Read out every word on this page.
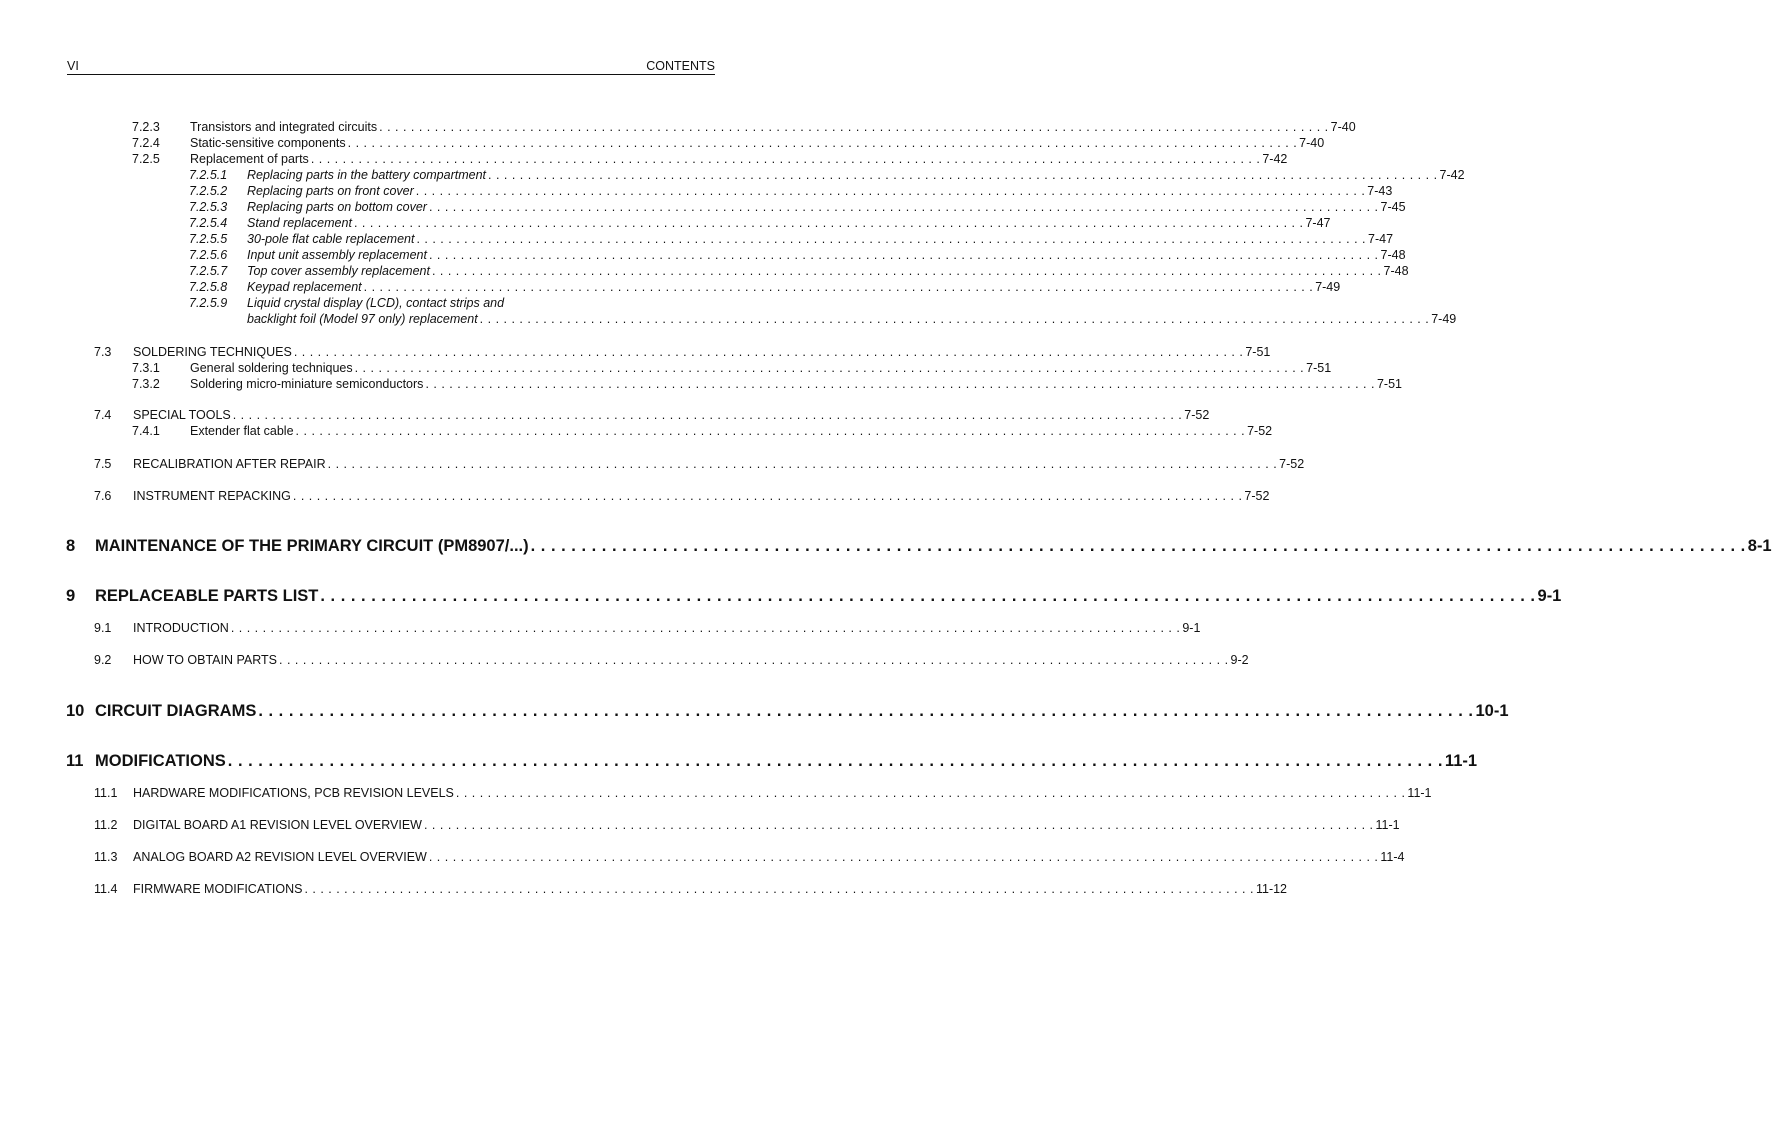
VI	CONTENTS
7.2.3	Transistors and integrated circuits . . . . . . . . . . . . . . . . . . . . . . . . . . . . . . . . . . . . . . . . . . . . . . . . . . . . . . . . . . . . . . . . . . . . . . . . . . . . . . . . . . . . . . . . . . . . . . . . . . . . . . . . . . . . . . . . . . . . . . . . 7-40
7.2.4	Static-sensitive components . . . . . . . . . . . . . . . . . . . . . . . . . . . . . . . . . . . . . . . . . . . . . . . . . . . . . . . . . . . . . . . . . . . . . . . . . . . . . . . . . . . . . . . . . . . . . . . . . . . . . . . . . . . . . . . . . . . . . . . . 7-40
7.2.5	Replacement of parts . . . . . . . . . . . . . . . . . . . . . . . . . . . . . . . . . . . . . . . . . . . . . . . . . . . . . . . . . . . . . . . . . . . . . . . . . . . . . . . . . . . . . . . . . . . . . . . . . . . . . . . . . . . . . . . . . . . . . . . . 7-42
7.2.5.1	Replacing parts in the battery compartment . . . . . . . . . . . . . . . . . . . . . . . . . . . . . . . . . . . . . . . . . . . . . . . . . . . . . . . . . . . . . . . . . . . . . . . . . . . . . . . . . . . . . . . . . . . . . . . . . . . . . . . . . . . . . . . . . . . . . . . . 7-42
7.2.5.2	Replacing parts on front cover . . . . . . . . . . . . . . . . . . . . . . . . . . . . . . . . . . . . . . . . . . . . . . . . . . . . . . . . . . . . . . . . . . . . . . . . . . . . . . . . . . . . . . . . . . . . . . . . . . . . . . . . . . . . . . . . . . . . . . . . 7-43
7.2.5.3	Replacing parts on bottom cover . . . . . . . . . . . . . . . . . . . . . . . . . . . . . . . . . . . . . . . . . . . . . . . . . . . . . . . . . . . . . . . . . . . . . . . . . . . . . . . . . . . . . . . . . . . . . . . . . . . . . . . . . . . . . . . . . . . . . . . . 7-45
7.2.5.4	Stand replacement . . . . . . . . . . . . . . . . . . . . . . . . . . . . . . . . . . . . . . . . . . . . . . . . . . . . . . . . . . . . . . . . . . . . . . . . . . . . . . . . . . . . . . . . . . . . . . . . . . . . . . . . . . . . . . . . . . . . . . . . 7-47
7.2.5.5	30-pole flat cable replacement . . . . . . . . . . . . . . . . . . . . . . . . . . . . . . . . . . . . . . . . . . . . . . . . . . . . . . . . . . . . . . . . . . . . . . . . . . . . . . . . . . . . . . . . . . . . . . . . . . . . . . . . . . . . . . . . . . . . . . . . 7-47
7.2.5.6	Input unit assembly replacement . . . . . . . . . . . . . . . . . . . . . . . . . . . . . . . . . . . . . . . . . . . . . . . . . . . . . . . . . . . . . . . . . . . . . . . . . . . . . . . . . . . . . . . . . . . . . . . . . . . . . . . . . . . . . . . . . . . . . . . . 7-48
7.2.5.7	Top cover assembly replacement . . . . . . . . . . . . . . . . . . . . . . . . . . . . . . . . . . . . . . . . . . . . . . . . . . . . . . . . . . . . . . . . . . . . . . . . . . . . . . . . . . . . . . . . . . . . . . . . . . . . . . . . . . . . . . . . . . . . . . . . 7-48
7.2.5.8	Keypad replacement . . . . . . . . . . . . . . . . . . . . . . . . . . . . . . . . . . . . . . . . . . . . . . . . . . . . . . . . . . . . . . . . . . . . . . . . . . . . . . . . . . . . . . . . . . . . . . . . . . . . . . . . . . . . . . . . . . . . . . . . 7-49
7.2.5.9	Liquid crystal display (LCD), contact strips and
backlight foil (Model 97 only) replacement . . . . . . . . . . . . . . . . . . . . . . . . . . . . . . . . . . . . . . . . . . . . . . . . . . . . . . . . . . . . . . . . . . . . . . . . . . . . . . . . . . . . . . . . . . . . . . . . . . . . . . . . . . . . . . . . . . . . . . . . 7-49
7.3	SOLDERING TECHNIQUES . . . . . . . . . . . . . . . . . . . . . . . . . . . . . . . . . . . . . . . . . . . . . . . . . . . . . . . . . . . . . . . . . . . . . . . . . . . . . . . . . . . . . . . . . . . . . . . . . . . . . . . . . . . . . . . . . . . . . . . . 7-51
7.3.1	General soldering techniques . . . . . . . . . . . . . . . . . . . . . . . . . . . . . . . . . . . . . . . . . . . . . . . . . . . . . . . . . . . . . . . . . . . . . . . . . . . . . . . . . . . . . . . . . . . . . . . . . . . . . . . . . . . . . . . . . . . . . . . . 7-51
7.3.2	Soldering micro-miniature semiconductors . . . . . . . . . . . . . . . . . . . . . . . . . . . . . . . . . . . . . . . . . . . . . . . . . . . . . . . . . . . . . . . . . . . . . . . . . . . . . . . . . . . . . . . . . . . . . . . . . . . . . . . . . . . . . . . . . . . . . . . . 7-51
7.4	SPECIAL TOOLS . . . . . . . . . . . . . . . . . . . . . . . . . . . . . . . . . . . . . . . . . . . . . . . . . . . . . . . . . . . . . . . . . . . . . . . . . . . . . . . . . . . . . . . . . . . . . . . . . . . . . . . . . . . . . . . . . . . . . . . . 7-52
7.4.1	Extender flat cable . . . . . . . . . . . . . . . . . . . . . . . . . . . . . . . . . . . . . . . . . . . . . . . . . . . . . . . . . . . . . . . . . . . . . . . . . . . . . . . . . . . . . . . . . . . . . . . . . . . . . . . . . . . . . . . . . . . . . . . . 7-52
7.5	RECALIBRATION AFTER REPAIR . . . . . . . . . . . . . . . . . . . . . . . . . . . . . . . . . . . . . . . . . . . . . . . . . . . . . . . . . . . . . . . . . . . . . . . . . . . . . . . . . . . . . . . . . . . . . . . . . . . . . . . . . . . . . . . . . . . . . . . . 7-52
7.6	INSTRUMENT REPACKING . . . . . . . . . . . . . . . . . . . . . . . . . . . . . . . . . . . . . . . . . . . . . . . . . . . . . . . . . . . . . . . . . . . . . . . . . . . . . . . . . . . . . . . . . . . . . . . . . . . . . . . . . . . . . . . . . . . . . . . . 7-52
8	MAINTENANCE OF THE PRIMARY CIRCUIT (PM8907/...) . . . . . . . . . . . . . . . . . . . . . . . . . . . . . . . . . . . . . . . . . . . . . . . . . . . . . . . . . . . . . . . . . . . . . . . . . . . . . . . . . . . . . . . . . . . . . . . . . . . . . . . . . . . . . . . . . . . . . . . . 8-1
9	REPLACEABLE PARTS LIST . . . . . . . . . . . . . . . . . . . . . . . . . . . . . . . . . . . . . . . . . . . . . . . . . . . . . . . . . . . . . . . . . . . . . . . . . . . . . . . . . . . . . . . . . . . . . . . . . . . . . . . . . . . . . . . . . . . . . . . . 9-1
9.1	INTRODUCTION . . . . . . . . . . . . . . . . . . . . . . . . . . . . . . . . . . . . . . . . . . . . . . . . . . . . . . . . . . . . . . . . . . . . . . . . . . . . . . . . . . . . . . . . . . . . . . . . . . . . . . . . . . . . . . . . . . . . . . . . 9-1
9.2	HOW TO OBTAIN PARTS . . . . . . . . . . . . . . . . . . . . . . . . . . . . . . . . . . . . . . . . . . . . . . . . . . . . . . . . . . . . . . . . . . . . . . . . . . . . . . . . . . . . . . . . . . . . . . . . . . . . . . . . . . . . . . . . . . . . . . . . 9-2
10 CIRCUIT DIAGRAMS . . . . . . . . . . . . . . . . . . . . . . . . . . . . . . . . . . . . . . . . . . . . . . . . . . . . . . . . . . . . . . . . . . . . . . . . . . . . . . . . . . . . . . . . . . . . . . . . . . . . . . . . . . . . . . . . . . . . . . . . 10-1
11 MODIFICATIONS . . . . . . . . . . . . . . . . . . . . . . . . . . . . . . . . . . . . . . . . . . . . . . . . . . . . . . . . . . . . . . . . . . . . . . . . . . . . . . . . . . . . . . . . . . . . . . . . . . . . . . . . . . . . . . . . . . . . . . . . 11-1
11.1	HARDWARE MODIFICATIONS, PCB REVISION LEVELS . . . . . . . . . . . . . . . . . . . . . . . . . . . . . . . . . . . . . . . . . . . . . . . . . . . . . . . . . . . . . . . . . . . . . . . . . . . . . . . . . . . . . . . . . . . . . . . . . . . . . . . . . . . . . . . . . . . . . . . . 11-1
11.2	DIGITAL BOARD A1 REVISION LEVEL OVERVIEW . . . . . . . . . . . . . . . . . . . . . . . . . . . . . . . . . . . . . . . . . . . . . . . . . . . . . . . . . . . . . . . . . . . . . . . . . . . . . . . . . . . . . . . . . . . . . . . . . . . . . . . . . . . . . . . . . . . . . . . . 11-1
11.3	ANALOG BOARD A2 REVISION LEVEL OVERVIEW . . . . . . . . . . . . . . . . . . . . . . . . . . . . . . . . . . . . . . . . . . . . . . . . . . . . . . . . . . . . . . . . . . . . . . . . . . . . . . . . . . . . . . . . . . . . . . . . . . . . . . . . . . . . . . . . . . . . . . . . 11-4
11.4	FIRMWARE MODIFICATIONS . . . . . . . . . . . . . . . . . . . . . . . . . . . . . . . . . . . . . . . . . . . . . . . . . . . . . . . . . . . . . . . . . . . . . . . . . . . . . . . . . . . . . . . . . . . . . . . . . . . . . . . . . . . . . . . . . . . . . . . . 11-12
